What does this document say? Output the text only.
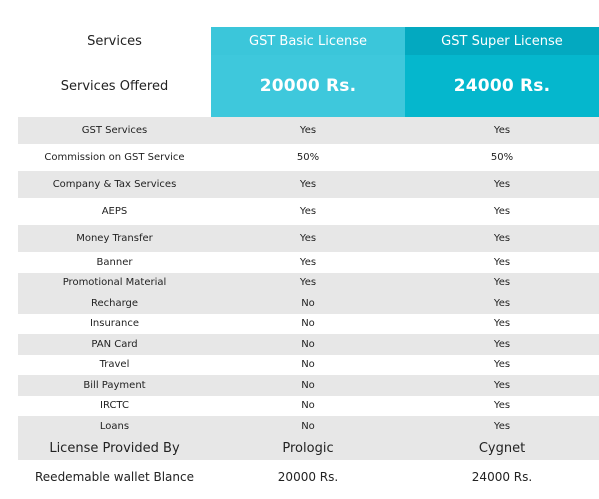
Services	GST Basic License	GST Super License
Services Offered	20000 Rs.	24000 Rs.
GST Services	Yes	Yes
Commission on GST Service	50%	50%
Company & Tax Services	Yes	Yes
AEPS	Yes	Yes
Money Transfer	Yes	Yes
Banner	Yes	Yes
Promotional Material	Yes	Yes
Recharge	No	Yes
Insurance	No	Yes
PAN Card	No	Yes
Travel	No	Yes
Bill Payment	No	Yes
IRCTC	No	Yes
Loans	No	Yes
License Provided By	Prologic	Cygnet
Reedemable wallet Blance	20000 Rs.	24000 Rs.
